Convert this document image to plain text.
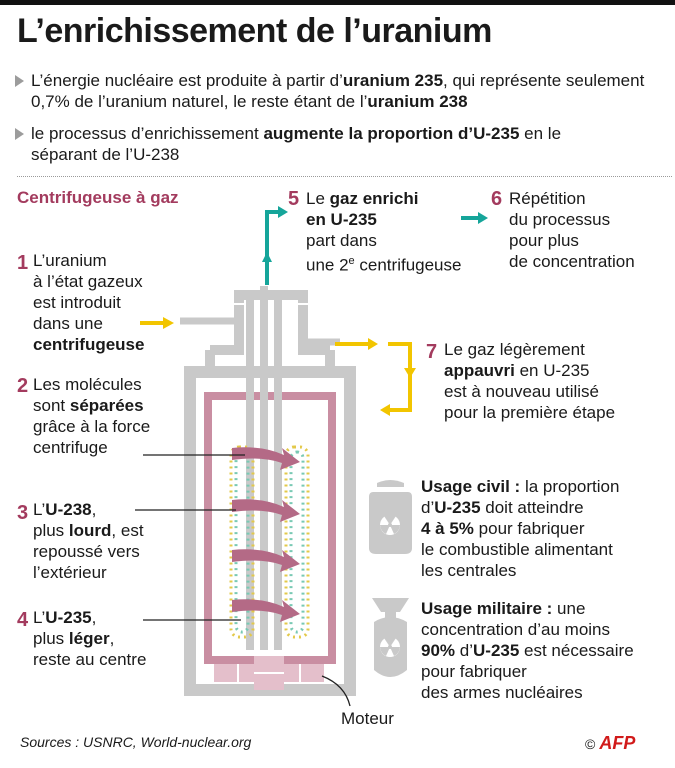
L’enrichissement de l’uranium
L’énergie nucléaire est produite à partir d’uranium 235, qui représente seulement 0,7% de l’uranium naturel, le reste étant de l’uranium 238
le processus d’enrichissement augmente la proportion d’U-235 en le séparant de l’U-238
Centrifugeuse à gaz
1 L’uranium
à l’état gazeux
est introduit
dans une
centrifugeuse
2 Les molécules
sont séparées
grâce à la force
centrifuge
3 L’U-238,
plus lourd, est
repoussé vers
l’extérieur
4 L’U-235,
plus léger,
reste au centre
5 Le gaz enrichi
en U-235
part dans
une 2e centrifugeuse
6 Répétition
du processus
pour plus
de concentration
7 Le gaz légèrement
appauvri en U-235
est à nouveau utilisé
pour la première étape
Usage civil : la proportion
d’U-235 doit atteindre
4 à 5% pour fabriquer
le combustible alimentant
les centrales
Usage militaire : une
concentration d’au moins
90% d’U-235 est nécessaire
pour fabriquer
des armes nucléaires
Moteur
Sources : USNRC, World-nuclear.org	© AFP
